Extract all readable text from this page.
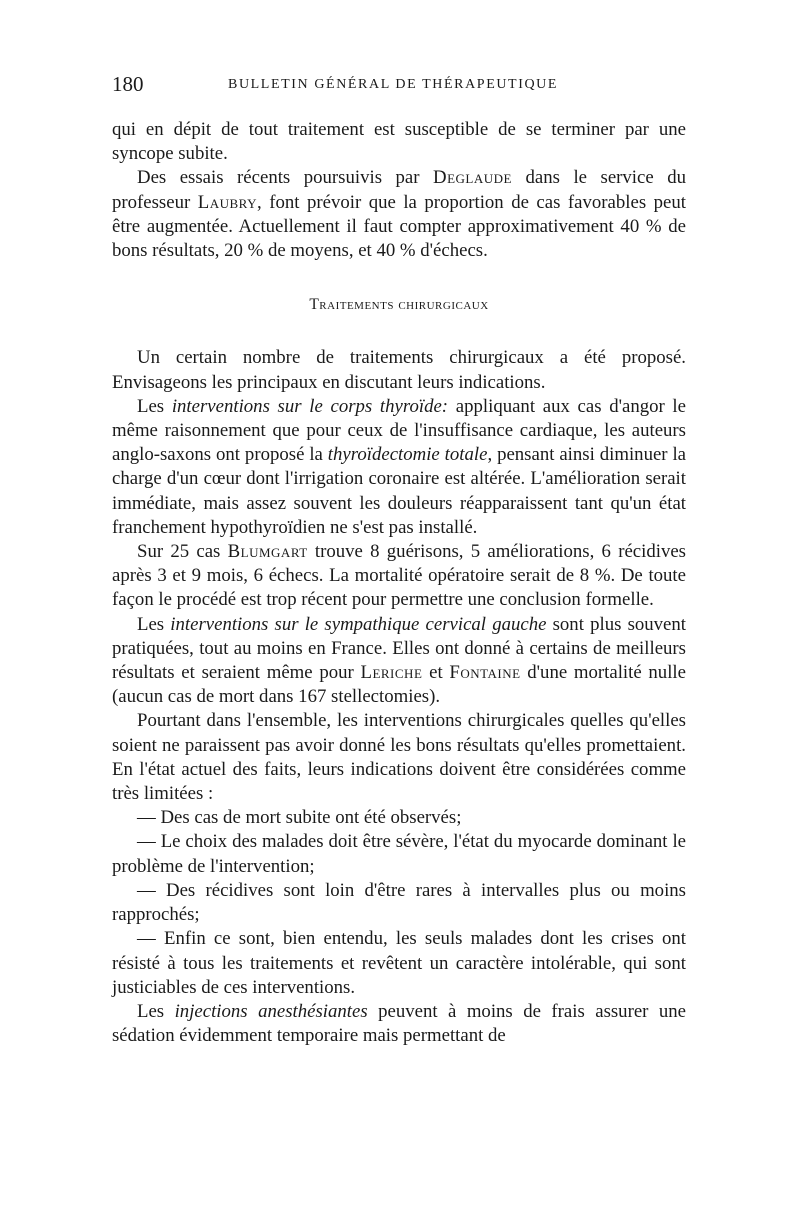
180	BULLETIN GÉNÉRAL DE THÉRAPEUTIQUE

qui en dépit de tout traitement est susceptible de se terminer par une syncope subite.

Des essais récents poursuivis par Deglaude dans le service du professeur Laubry, font prévoir que la proportion de cas favorables peut être augmentée. Actuellement il faut compter approximativement 40 % de bons résultats, 20 % de moyens, et 40 % d'échecs.

Traitements chirurgicaux

Un certain nombre de traitements chirurgicaux a été proposé. Envisageons les principaux en discutant leurs indications.

Les interventions sur le corps thyroïde: appliquant aux cas d'angor le même raisonnement que pour ceux de l'insuffisance cardiaque, les auteurs anglo-saxons ont proposé la thyroïdectomie totale, pensant ainsi diminuer la charge d'un cœur dont l'irrigation coronaire est altérée. L'amélioration serait immédiate, mais assez souvent les douleurs réapparaissent tant qu'un état franchement hypothyroïdien ne s'est pas installé.

Sur 25 cas Blumgart trouve 8 guérisons, 5 améliorations, 6 récidives après 3 et 9 mois, 6 échecs. La mortalité opératoire serait de 8 %. De toute façon le procédé est trop récent pour permettre une conclusion formelle.

Les interventions sur le sympathique cervical gauche sont plus souvent pratiquées, tout au moins en France. Elles ont donné à certains de meilleurs résultats et seraient même pour Leriche et Fontaine d'une mortalité nulle (aucun cas de mort dans 167 stellectomies).

Pourtant dans l'ensemble, les interventions chirurgicales quelles qu'elles soient ne paraissent pas avoir donné les bons résultats qu'elles promettaient. En l'état actuel des faits, leurs indications doivent être considérées comme très limitées :

— Des cas de mort subite ont été observés;

— Le choix des malades doit être sévère, l'état du myocarde dominant le problème de l'intervention;

— Des récidives sont loin d'être rares à intervalles plus ou moins rapprochés;

— Enfin ce sont, bien entendu, les seuls malades dont les crises ont résisté à tous les traitements et revêtent un caractère intolérable, qui sont justiciables de ces interventions.

Les injections anesthésiantes peuvent à moins de frais assurer une sédation évidemment temporaire mais permettant de
